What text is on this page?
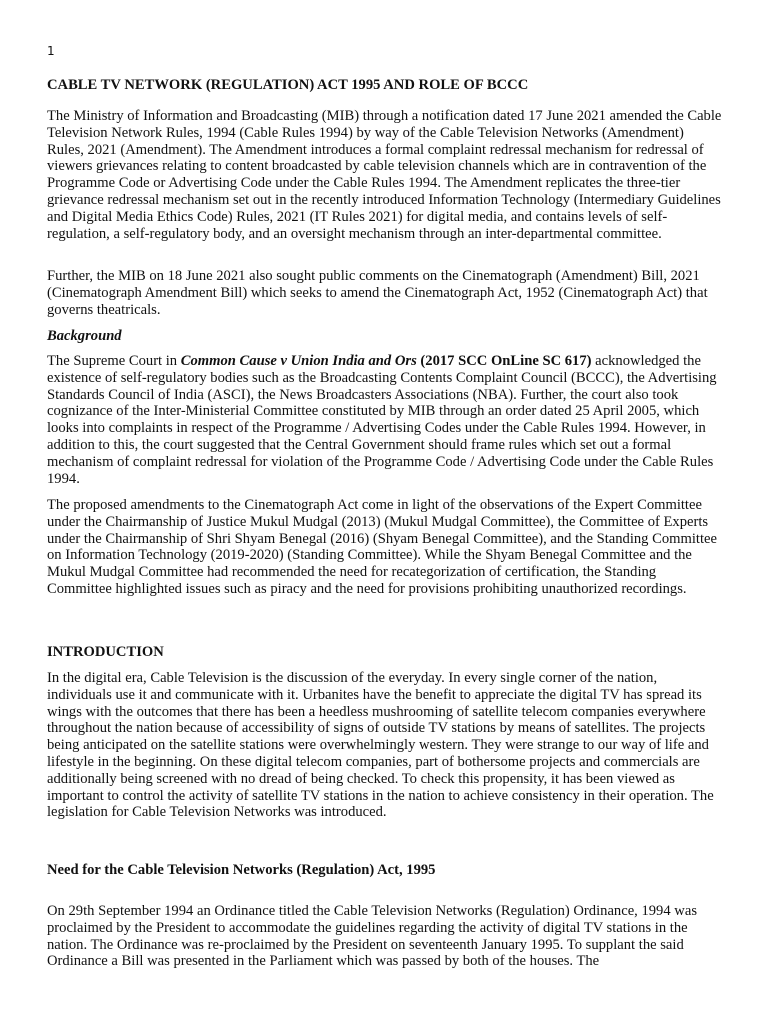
1
CABLE TV NETWORK (REGULATION) ACT 1995 AND ROLE OF BCCC

The Ministry of Information and Broadcasting (MIB) through a notification dated 17 June 2021 amended the Cable Television Network Rules, 1994 (Cable Rules 1994) by way of the Cable Television Networks (Amendment) Rules, 2021 (Amendment). The Amendment introduces a formal complaint redressal mechanism for redressal of viewers grievances relating to content broadcasted by cable television channels which are in contravention of the Programme Code or Advertising Code under the Cable Rules 1994. The Amendment replicates the three-tier grievance redressal mechanism set out in the recently introduced Information Technology (Intermediary Guidelines and Digital Media Ethics Code) Rules, 2021 (IT Rules 2021) for digital media, and contains levels of self-regulation, a self-regulatory body, and an oversight mechanism through an inter-departmental committee.

Further, the MIB on 18 June 2021 also sought public comments on the Cinematograph (Amendment) Bill, 2021 (Cinematograph Amendment Bill) which seeks to amend the Cinematograph Act, 1952 (Cinematograph Act) that governs theatricals.

Background

The Supreme Court in Common Cause v Union India and Ors (2017 SCC OnLine SC 617) acknowledged the existence of self-regulatory bodies such as the Broadcasting Contents Complaint Council (BCCC), the Advertising Standards Council of India (ASCI), the News Broadcasters Associations (NBA). Further, the court also took cognizance of the Inter-Ministerial Committee constituted by MIB through an order dated 25 April 2005, which looks into complaints in respect of the Programme / Advertising Codes under the Cable Rules 1994. However, in addition to this, the court suggested that the Central Government should frame rules which set out a formal mechanism of complaint redressal for violation of the Programme Code / Advertising Code under the Cable Rules 1994.

The proposed amendments to the Cinematograph Act come in light of the observations of the Expert Committee under the Chairmanship of Justice Mukul Mudgal (2013) (Mukul Mudgal Committee), the Committee of Experts under the Chairmanship of Shri Shyam Benegal (2016) (Shyam Benegal Committee), and the Standing Committee on Information Technology (2019-2020) (Standing Committee). While the Shyam Benegal Committee and the Mukul Mudgal Committee had recommended the need for recategorization of certification, the Standing Committee highlighted issues such as piracy and the need for provisions prohibiting unauthorized recordings.

INTRODUCTION

In the digital era, Cable Television is the discussion of the everyday. In every single corner of the nation, individuals use it and communicate with it. Urbanites have the benefit to appreciate the digital TV has spread its wings with the outcomes that there has been a heedless mushrooming of satellite telecom companies everywhere throughout the nation because of accessibility of signs of outside TV stations by means of satellites. The projects being anticipated on the satellite stations were overwhelmingly western. They were strange to our way of life and lifestyle in the beginning. On these digital telecom companies, part of bothersome projects and commercials are additionally being screened with no dread of being checked. To check this propensity, it has been viewed as important to control the activity of satellite TV stations in the nation to achieve consistency in their operation. The legislation for Cable Television Networks was introduced.

Need for the Cable Television Networks (Regulation) Act, 1995

On 29th September 1994 an Ordinance titled the Cable Television Networks (Regulation) Ordinance, 1994 was proclaimed by the President to accommodate the guidelines regarding the activity of digital TV stations in the nation. The Ordinance was re-proclaimed by the President on seventeenth January 1995. To supplant the said Ordinance a Bill was presented in the Parliament which was passed by both of the houses. The
